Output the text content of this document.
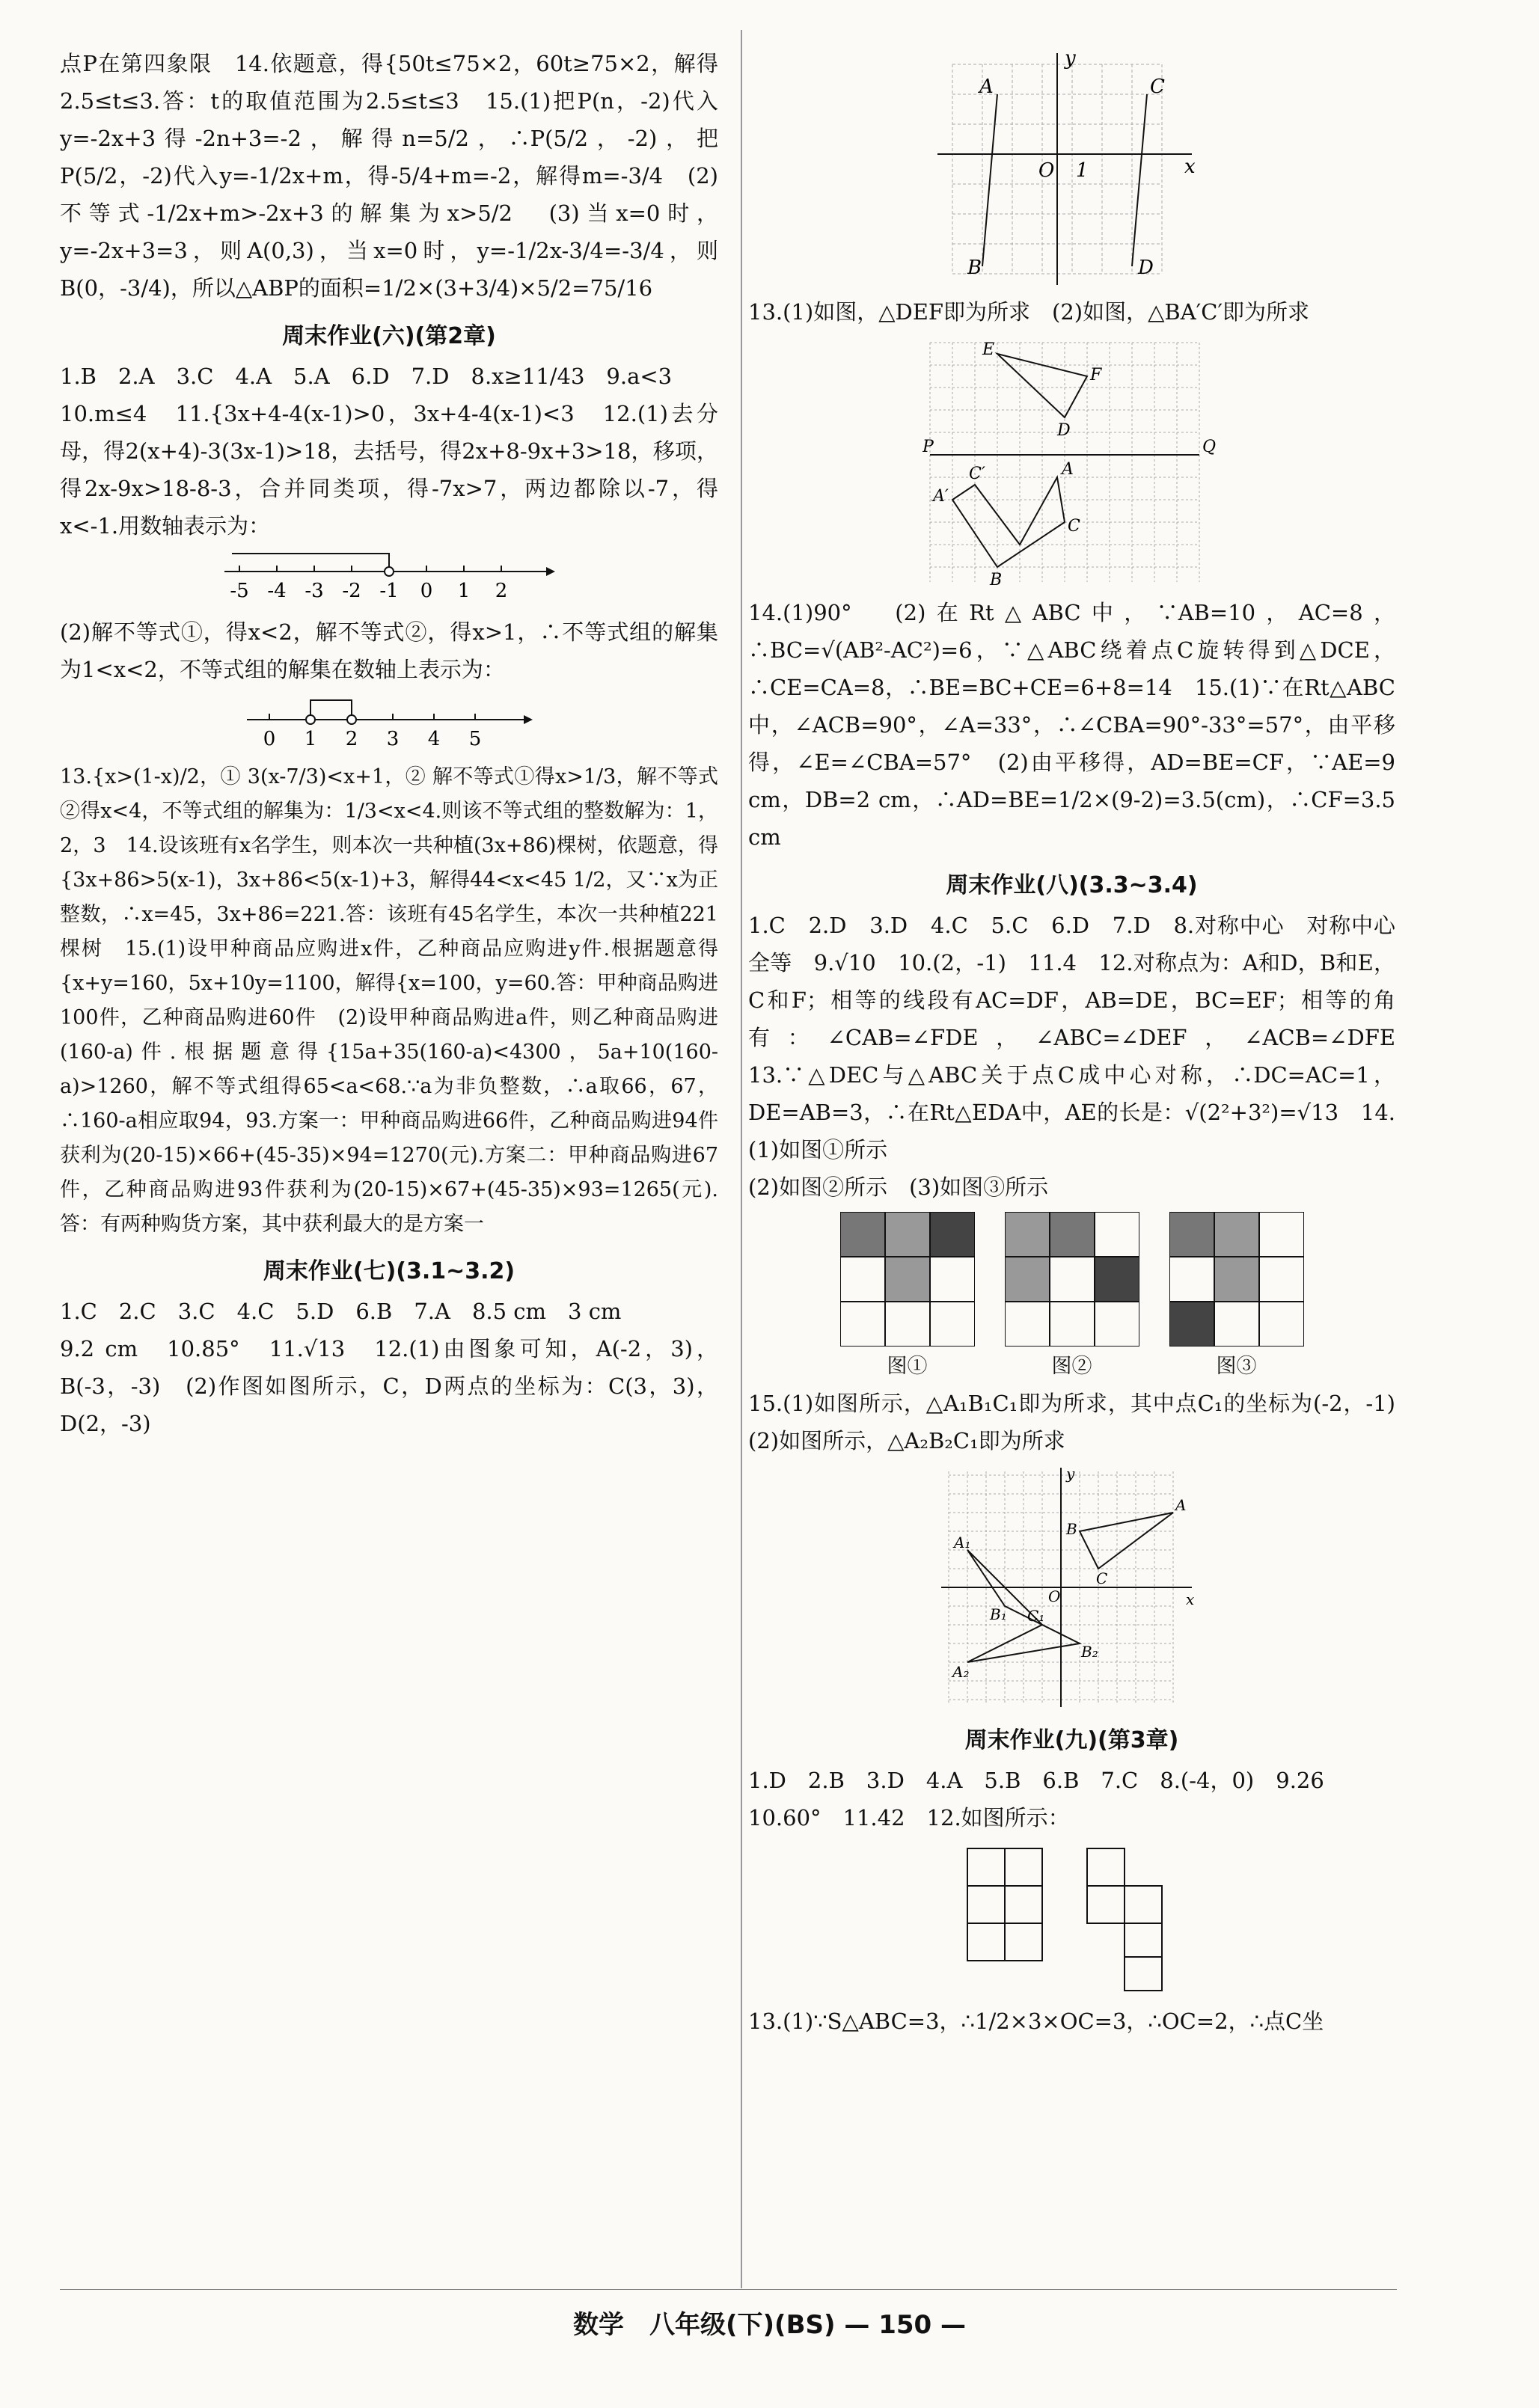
点P在第四象限　14.依题意，得{50t≤75×2，60t≥75×2，解得2.5≤t≤3.答：t的取值范围为2.5≤t≤3　15.(1)把P(n，-2)代入y=-2x+3得-2n+3=-2，解得n=5/2，∴P(5/2，-2)，把P(5/2，-2)代入y=-1/2x+m，得-5/4+m=-2，解得m=-3/4　(2)不等式-1/2x+m>-2x+3的解集为x>5/2　(3)当x=0时，y=-2x+3=3，则A(0,3)，当x=0时，y=-1/2x-3/4=-3/4，则B(0，-3/4)，所以△ABP的面积=1/2×(3+3/4)×5/2=75/16

周末作业(六)(第2章)

1.B　2.A　3.C　4.A　5.A　6.D　7.D　8.x≥11/43　9.a<3

10.m≤4　11.{3x+4-4(x-1)>0，3x+4-4(x-1)<3　12.(1)去分母，得2(x+4)-3(3x-1)>18，去括号，得2x+8-9x+3>18，移项，得2x-9x>18-8-3，合并同类项，得-7x>7，两边都除以-7，得x<-1.用数轴表示为：

-5 -4 -3 -2 -1 0 1 2

(2)解不等式①，得x<2，解不等式②，得x>1，∴不等式组的解集为1<x<2，不等式组的解集在数轴上表示为：

0 1 2 3 4 5

13.{x>(1-x)/2，① 3(x-7/3)<x+1，② 解不等式①得x>1/3，解不等式②得x<4，不等式组的解集为：1/3<x<4.则该不等式组的整数解为：1，2，3　14.设该班有x名学生，则本次一共种植(3x+86)棵树，依题意，得{3x+86>5(x-1)，3x+86<5(x-1)+3，解得44<x<45 1/2，又∵x为正整数，∴x=45，3x+86=221.答：该班有45名学生，本次一共种植221棵树　15.(1)设甲种商品应购进x件，乙种商品应购进y件.根据题意得{x+y=160，5x+10y=1100，解得{x=100，y=60.答：甲种商品购进100件，乙种商品购进60件　(2)设甲种商品购进a件，则乙种商品购进(160-a)件.根据题意得{15a+35(160-a)<4300，5a+10(160-a)>1260，解不等式组得65<a<68.∵a为非负整数，∴a取66，67，∴160-a相应取94，93.方案一：甲种商品购进66件，乙种商品购进94件获利为(20-15)×66+(45-35)×94=1270(元).方案二：甲种商品购进67件，乙种商品购进93件获利为(20-15)×67+(45-35)×93=1265(元).答：有两种购货方案，其中获利最大的是方案一

周末作业(七)(3.1~3.2)

1.C　2.C　3.C　4.C　5.D　6.B　7.A　8.5 cm　3 cm

9.2 cm　10.85°　11.√13　12.(1)由图象可知，A(-2，3)，B(-3，-3)　(2)作图如图所示，C，D两点的坐标为：C(3，3)，D(2，-3)

y
A	C
O 1	x
B	D

13.(1)如图，△DEF即为所求　(2)如图，△BA′C′即为所求

E
F
D
P	Q
C′
A′
A
B
C

14.(1)90°　(2)在Rt△ABC中，∵AB=10，AC=8，∴BC=√(AB²-AC²)=6，∵△ABC绕着点C旋转得到△DCE，∴CE=CA=8，∴BE=BC+CE=6+8=14　15.(1)∵在Rt△ABC中，∠ACB=90°，∠A=33°，∴∠CBA=90°-33°=57°，由平移得，∠E=∠CBA=57°　(2)由平移得，AD=BE=CF，∵AE=9 cm，DB=2 cm，∴AD=BE=1/2×(9-2)=3.5(cm)，∴CF=3.5 cm

周末作业(八)(3.3~3.4)

1.C　2.D　3.D　4.C　5.C　6.D　7.D　8.对称中心　对称中心　全等　9.√10　10.(2，-1)　11.4　12.对称点为：A和D，B和E，C和F；相等的线段有AC=DF，AB=DE，BC=EF；相等的角有：∠CAB=∠FDE，∠ABC=∠DEF，∠ACB=∠DFE　13.∵△DEC与△ABC关于点C成中心对称，∴DC=AC=1，DE=AB=3，∴在Rt△EDA中，AE的长是：√(2²+3²)=√13　14.(1)如图①所示

(2)如图②所示　(3)如图③所示

图①	图②	图③

15.(1)如图所示，△A₁B₁C₁即为所求，其中点C₁的坐标为(-2，-1)　(2)如图所示，△A₂B₂C₁即为所求

y
x
A
B
C
O
A₁
B₁ C₁
A₂
B₂
周末作业(九)(第3章)

1.D　2.B　3.D　4.A　5.B　6.B　7.C　8.(-4，0)　9.26

10.60°　11.42　12.如图所示：

13.(1)∵S△ABC=3，∴1/2×3×OC=3，∴OC=2，∴点C坐

数学　八年级(下)(BS) — 150 —
